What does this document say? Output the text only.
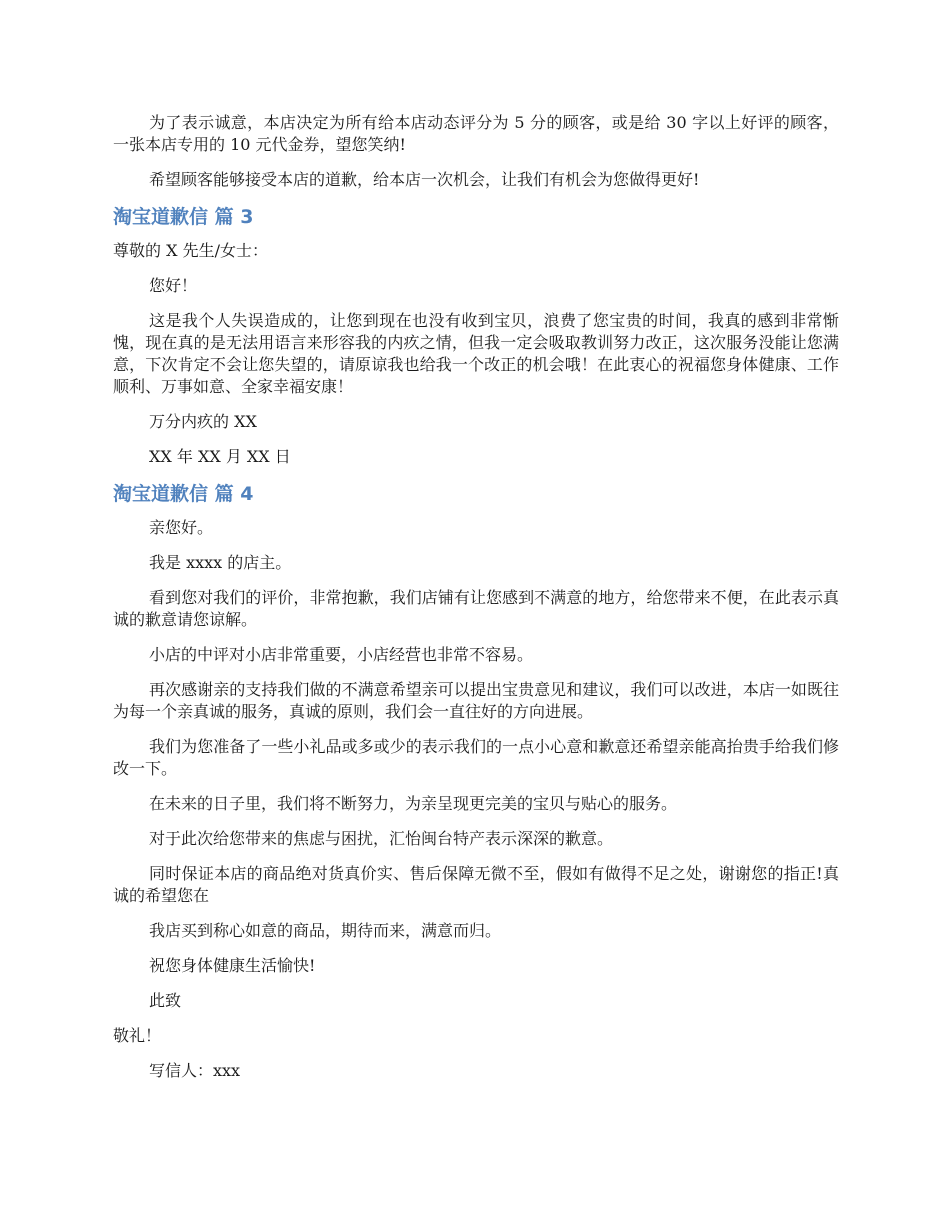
为了表示诚意，本店决定为所有给本店动态评分为 5 分的顾客，或是给 30 字以上好评的顾客，一张本店专用的 10 元代金券，望您笑纳!

希望顾客能够接受本店的道歉，给本店一次机会，让我们有机会为您做得更好!

淘宝道歉信 篇 3

尊敬的 X 先生/女士：

您好！

这是我个人失误造成的，让您到现在也没有收到宝贝，浪费了您宝贵的时间，我真的感到非常惭愧，现在真的是无法用语言来形容我的内疚之情，但我一定会吸取教训努力改正，这次服务没能让您满意，下次肯定不会让您失望的，请原谅我也给我一个改正的机会哦！在此衷心的祝福您身体健康、工作顺利、万事如意、全家幸福安康！

万分内疚的 XX

XX 年 XX 月 XX 日

淘宝道歉信 篇 4

亲您好。

我是 xxxx 的店主。

看到您对我们的评价，非常抱歉，我们店铺有让您感到不满意的地方，给您带来不便，在此表示真诚的歉意请您谅解。

小店的中评对小店非常重要，小店经营也非常不容易。

再次感谢亲的支持我们做的不满意希望亲可以提出宝贵意见和建议，我们可以改进，本店一如既往为每一个亲真诚的服务，真诚的原则，我们会一直往好的方向进展。

我们为您准备了一些小礼品或多或少的表示我们的一点小心意和歉意还希望亲能高抬贵手给我们修改一下。

在未来的日子里，我们将不断努力，为亲呈现更完美的宝贝与贴心的服务。

对于此次给您带来的焦虑与困扰，汇怡闽台特产表示深深的歉意。

同时保证本店的商品绝对货真价实、售后保障无微不至，假如有做得不足之处，谢谢您的指正!真诚的希望您在

我店买到称心如意的商品，期待而来，满意而归。

祝您身体健康生活愉快!

此致

敬礼！

写信人：xxx
